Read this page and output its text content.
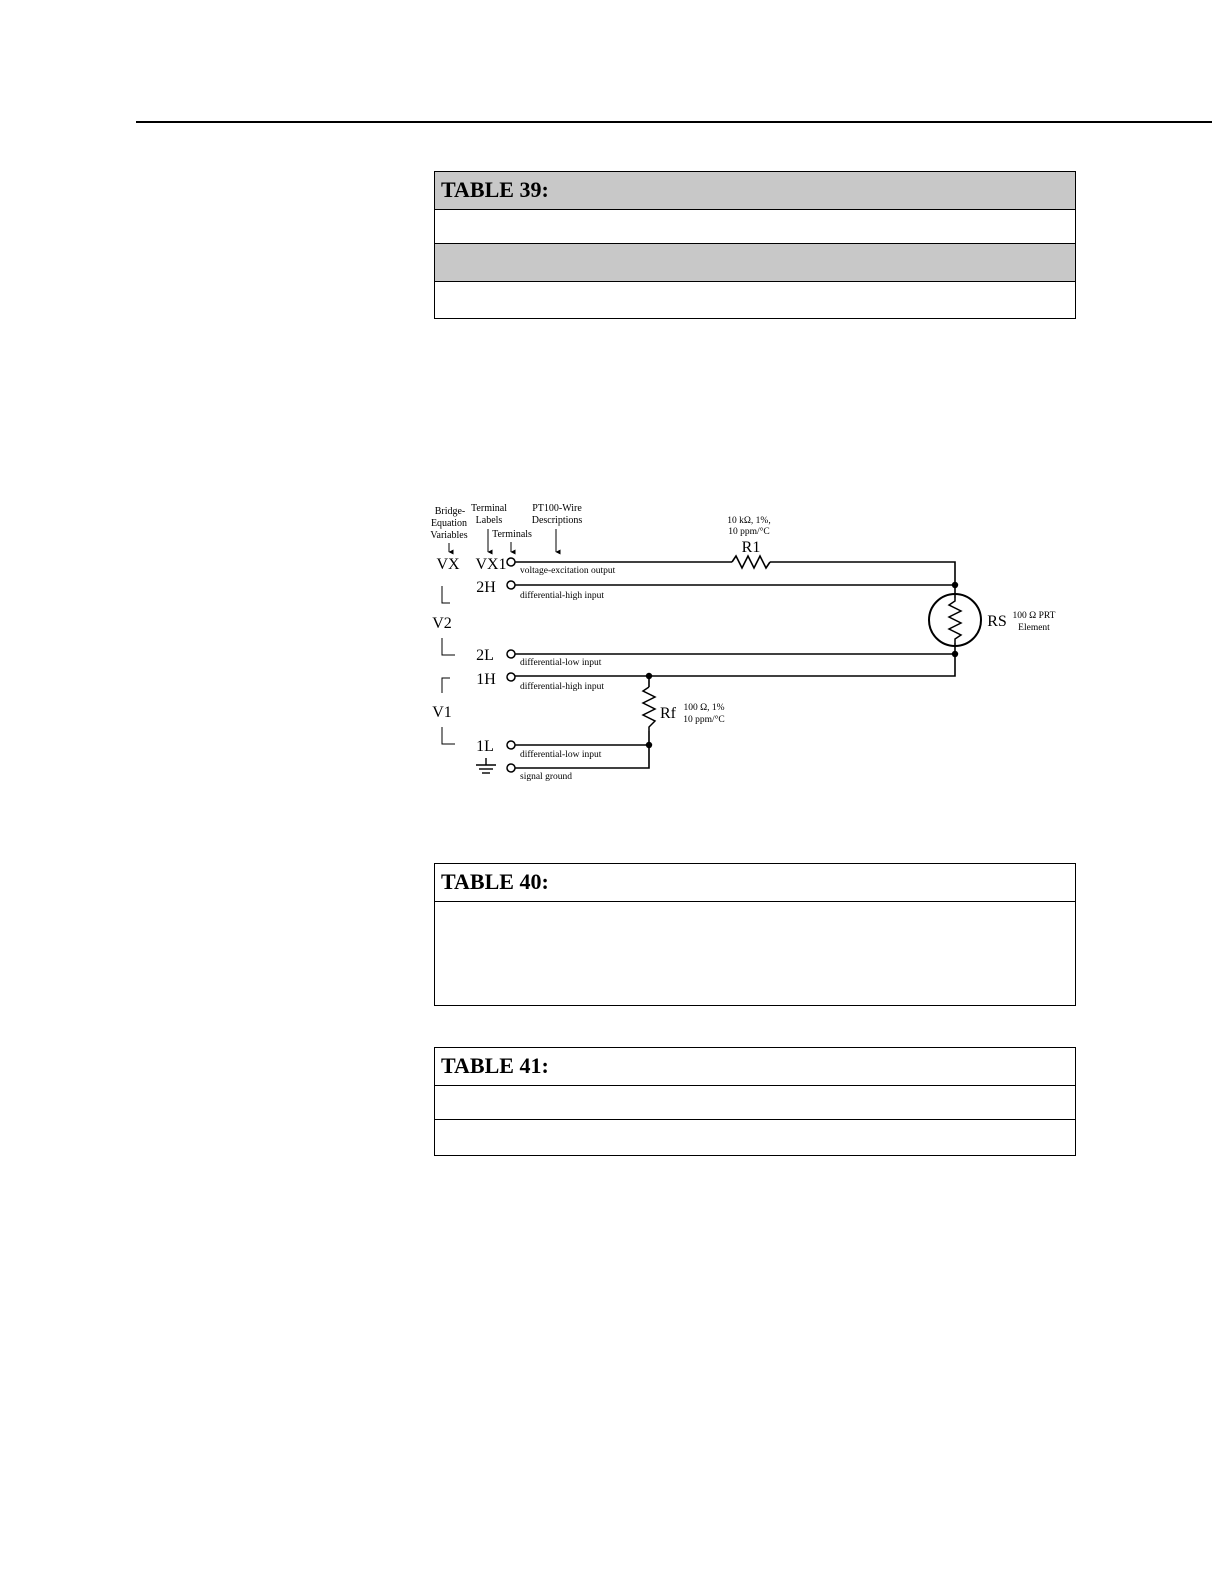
TABLE 39:
Bridge-
Equation
Variables
Terminal
Labels
Terminals
PT100-Wire
Descriptions
VX
V2
V1
VX1
2H
2L
1H
1L
R1
10 kΩ, 1%,
10 ppm/°C
RS 100 Ω PRT
Element
Rf 100 Ω, 1%
10 ppm/°C
voltage-excitation output
differential-high input
differential-low input
differential-high input
differential-low input
signal ground
TABLE 40:
TABLE 41:
